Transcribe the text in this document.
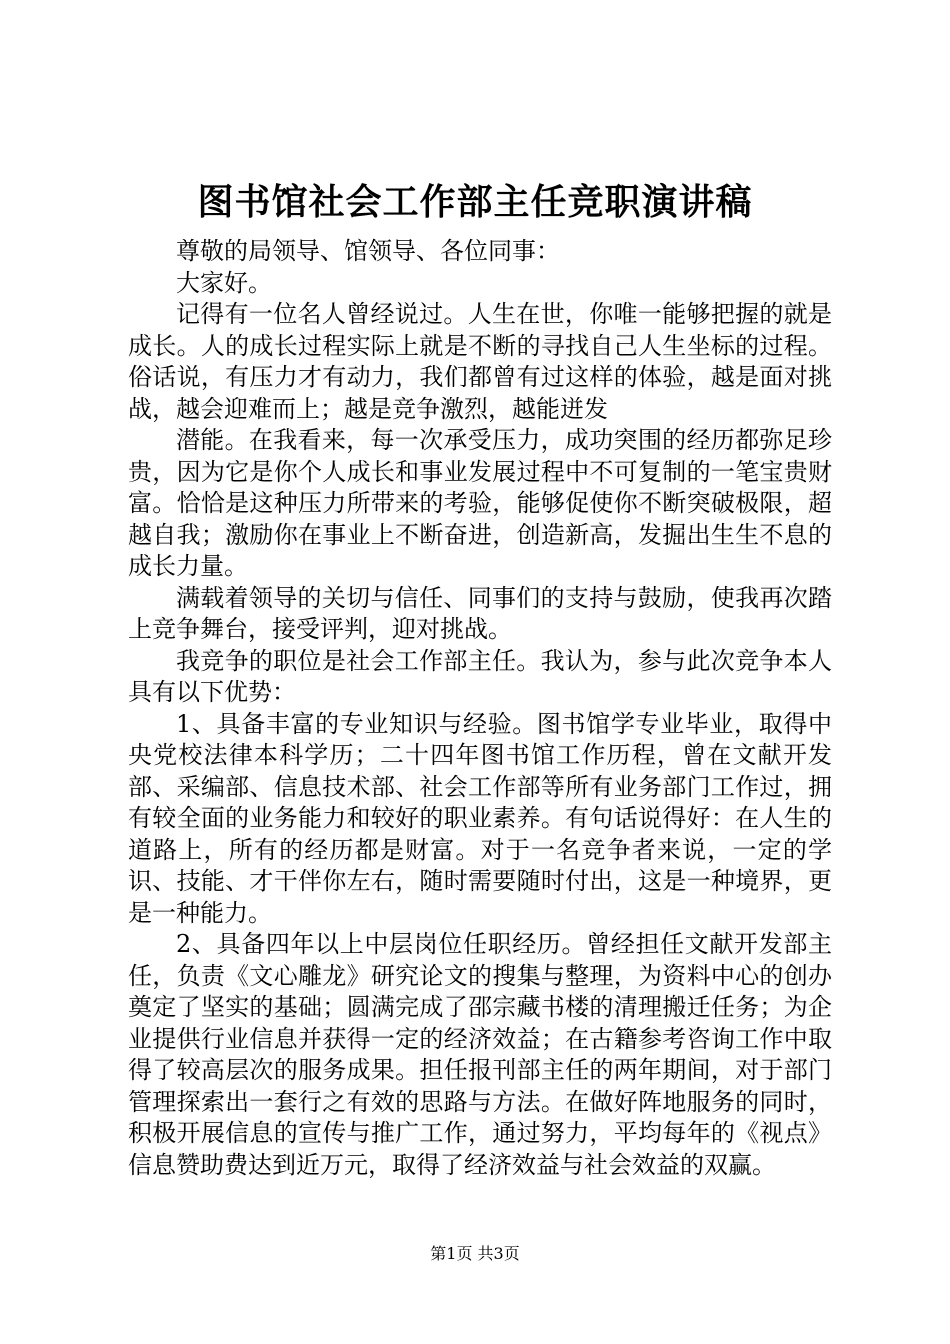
图书馆社会工作部主任竞职演讲稿

尊敬的局领导、馆领导、各位同事：

大家好。

记得有一位名人曾经说过。人生在世，你唯一能够把握的就是成长。人的成长过程实际上就是不断的寻找自己人生坐标的过程。俗话说，有压力才有动力，我们都曾有过这样的体验，越是面对挑战，越会迎难而上；越是竞争激烈，越能迸发

潜能。在我看来，每一次承受压力，成功突围的经历都弥足珍贵，因为它是你个人成长和事业发展过程中不可复制的一笔宝贵财富。恰恰是这种压力所带来的考验，能够促使你不断突破极限，超越自我；激励你在事业上不断奋进，创造新高，发掘出生生不息的成长力量。

满载着领导的关切与信任、同事们的支持与鼓励，使我再次踏上竞争舞台，接受评判，迎对挑战。

我竞争的职位是社会工作部主任。我认为，参与此次竞争本人具有以下优势：

1、具备丰富的专业知识与经验。图书馆学专业毕业，取得中央党校法律本科学历；二十四年图书馆工作历程，曾在文献开发部、采编部、信息技术部、社会工作部等所有业务部门工作过，拥有较全面的业务能力和较好的职业素养。有句话说得好：在人生的道路上，所有的经历都是财富。对于一名竞争者来说，一定的学识、技能、才干伴你左右，随时需要随时付出，这是一种境界，更是一种能力。

2、具备四年以上中层岗位任职经历。曾经担任文献开发部主任，负责《文心雕龙》研究论文的搜集与整理，为资料中心的创办奠定了坚实的基础；圆满完成了邵宗藏书楼的清理搬迁任务；为企业提供行业信息并获得一定的经济效益；在古籍参考咨询工作中取得了较高层次的服务成果。担任报刊部主任的两年期间，对于部门管理探索出一套行之有效的思路与方法。在做好阵地服务的同时，积极开展信息的宣传与推广工作，通过努力，平均每年的《视点》信息赞助费达到近万元，取得了经济效益与社会效益的双赢。

第1页 共3页
